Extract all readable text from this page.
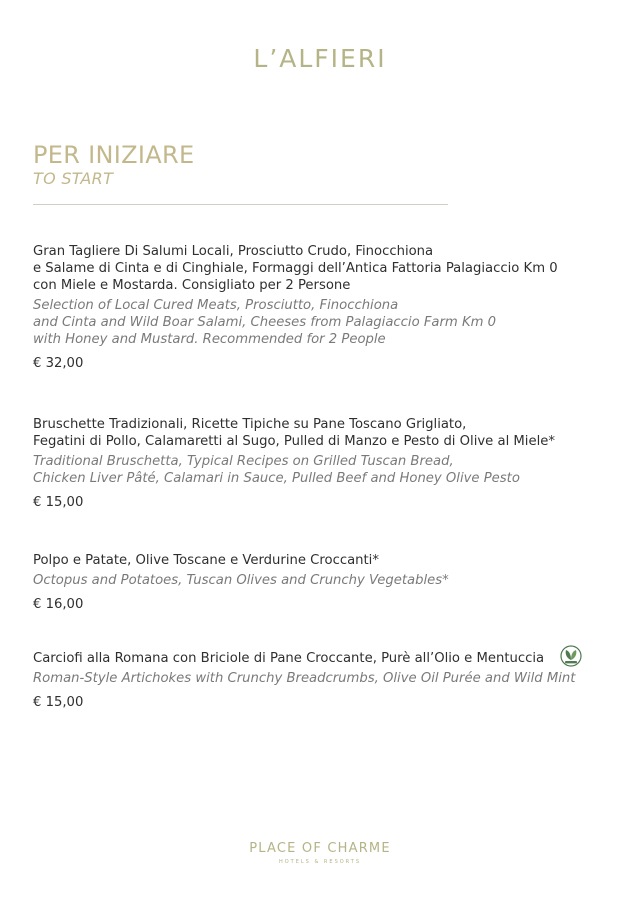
L’ALFIERI
PER INIZIARE
TO START

Gran Tagliere Di Salumi Locali, Prosciutto Crudo, Finocchiona
e Salame di Cinta e di Cinghiale, Formaggi dell’Antica Fattoria Palagiaccio Km 0
con Miele e Mostarda. Consigliato per 2 Persone

Selection of Local Cured Meats, Prosciutto, Finocchiona
and Cinta and Wild Boar Salami, Cheeses from Palagiaccio Farm Km 0
with Honey and Mustard. Recommended for 2 People

€ 32,00

Bruschette Tradizionali, Ricette Tipiche su Pane Toscano Grigliato,
Fegatini di Pollo, Calamaretti al Sugo, Pulled di Manzo e Pesto di Olive al Miele*

Traditional Bruschetta, Typical Recipes on Grilled Tuscan Bread,
Chicken Liver Pâté, Calamari in Sauce, Pulled Beef and Honey Olive Pesto

€ 15,00

Polpo e Patate, Olive Toscane e Verdurine Croccanti*

Octopus and Potatoes, Tuscan Olives and Crunchy Vegetables*

€ 16,00

Carciofi alla Romana con Briciole di Pane Croccante, Purè all’Olio e Mentuccia

Roman-Style Artichokes with Crunchy Breadcrumbs, Olive Oil Purée and Wild Mint

€ 15,00
PLACE OF CHARME
HOTELS & RESORTS
